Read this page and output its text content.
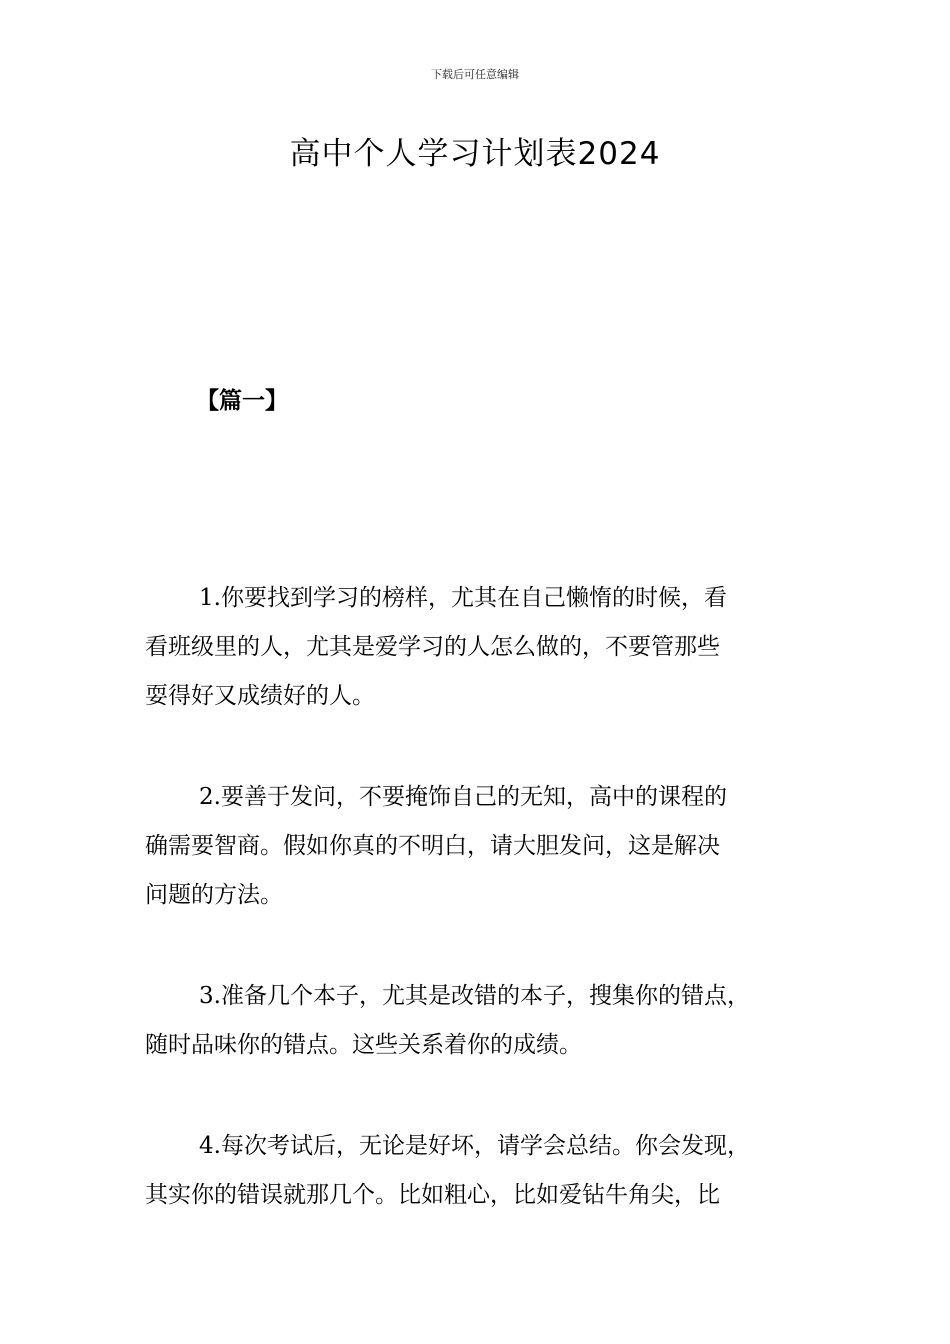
下载后可任意编辑
高中个人学习计划表2024
【篇一】

1.你要找到学习的榜样，尤其在自己懒惰的时候，看
看班级里的人，尤其是爱学习的人怎么做的，不要管那些
耍得好又成绩好的人。

2.要善于发问，不要掩饰自己的无知，高中的课程的
确需要智商。假如你真的不明白，请大胆发问，这是解决
问题的方法。

3.准备几个本子，尤其是改错的本子，搜集你的错点，
随时品味你的错点。这些关系着你的成绩。

4.每次考试后，无论是好坏，请学会总结。你会发现，
其实你的错误就那几个。比如粗心，比如爱钻牛角尖，比
